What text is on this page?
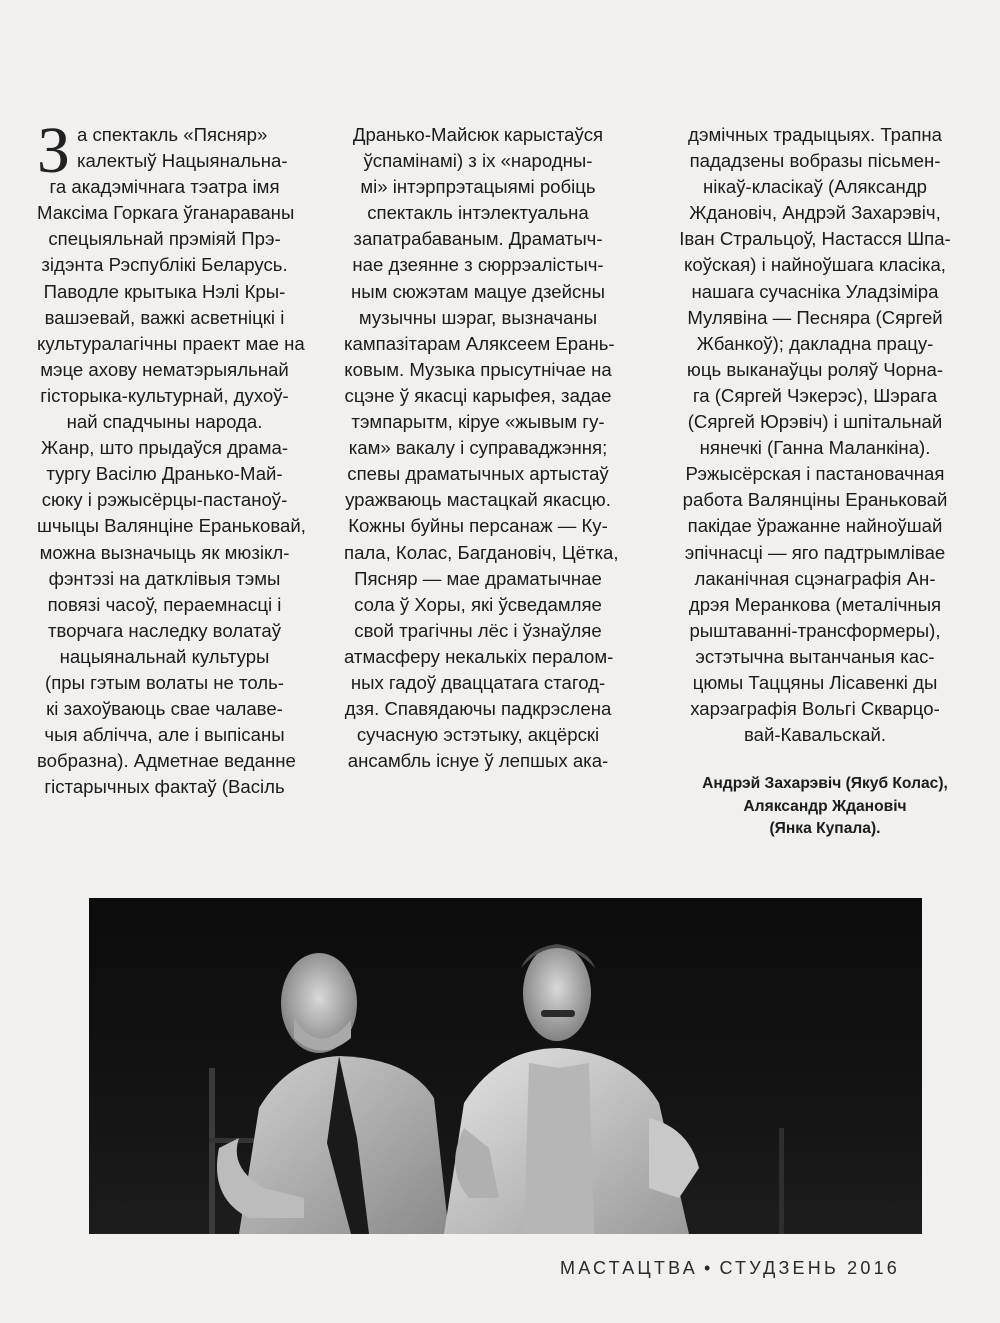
З а спектакль «Пясняр»
калектыў Нацыянальна-
га акадэмічнага тэатра імя
Максіма Горкага ўганараваны
спецыяльнай прэміяй Прэ-
зідэнта Рэспублікі Беларусь.
Паводле крытыка Нэлі Кры-
вашэевай, важкі асветніцкі і
культуралагічны праект мае на
мэце ахову нематэрыяльнай
гісторыка-культурнай, духоў-
най спадчыны народа.
Жанр, што прыдаўся драма-
тургу Васілю Дранько-Май-
сюку і рэжысёрцы-пастаноў-
шчыцы Валянціне Ераньковай,
можна вызначыць як мюзікл-
фэнтэзі на датклівыя тэмы
повязі часоў, пераемнасці і
творчага наследку волатаў
нацыянальнай культуры
(пры гэтым волаты не толь-
кі захоўваюць свае чалаве-
чыя аблічча, але і выпісаны
вобразна). Адметнае веданне
гістарычных фактаў (Васіль
Дранько-Майсюк карыстаўся
ўспамінамі) з іх «народны-
мі» інтэрпрэтацыямі робіць
спектакль інтэлектуальна
запатрабаваным. Драматыч-
нае дзеянне з сюррэалістыч-
ным сюжэтам мацуе дзейсны
музычны шэраг, вызначаны
кампазітарам Аляксеем Ерань-
ковым. Музыка прысутнічае на
сцэне ў якасці карыфея, задае
тэмпарытм, кіруе «жывым гу-
кам» вакалу і суправаджэння;
спевы драматычных артыстаў
уражваюць мастацкай якасцю.
Кожны буйны персанаж — Ку-
пала, Колас, Багдановіч, Цётка,
Пясняр — мае драматычнае
сола ў Хоры, які ўсведамляе
свой трагічны лёс і ўзнаўляе
атмасферу некалькіх пералом-
ных гадоў дваццатага стагод-
дзя. Спавядаючы падкрэслена
сучасную эстэтыку, акцёрскі
ансамбль існуе ў лепшых ака-
дэмічных традыцыях. Трапна
пададзены вобразы пісьмен-
нікаў-класікаў (Аляксандр
Ждановіч, Андрэй Захарэвіч,
Іван Стральцоў, Настасся Шпа-
коўская) і найноўшага класіка,
нашага сучасніка Уладзіміра
Мулявіна — Песняра (Сяргей
Жбанкоў); дакладна працу-
юць выканаўцы роляў Чорна-
га (Сяргей Чэкерэс), Шэрага
(Сяргей Юрэвіч) і шпітальнай
нянечкі (Ганна Маланкіна).
Рэжысёрская і пастановачная
работа Валянціны Ераньковай
пакідае ўражанне найноўшай
эпічнасці — яго падтрымлівае
лаканічная сцэнаграфія Ан-
дрэя Меранкова (металічныя
рыштаванні-трансформеры),
эстэтычна вытанчаныя кас-
цюмы Таццяны Лісавенкі ды
харэаграфія Вольгі Скварцо-
вай-Кавальскай.
Андрэй Захарэвіч (Якуб Колас),
Аляксандр Ждановіч
(Янка Купала).
МАСТАЦТВА • СТУДЗЕНЬ 2016
